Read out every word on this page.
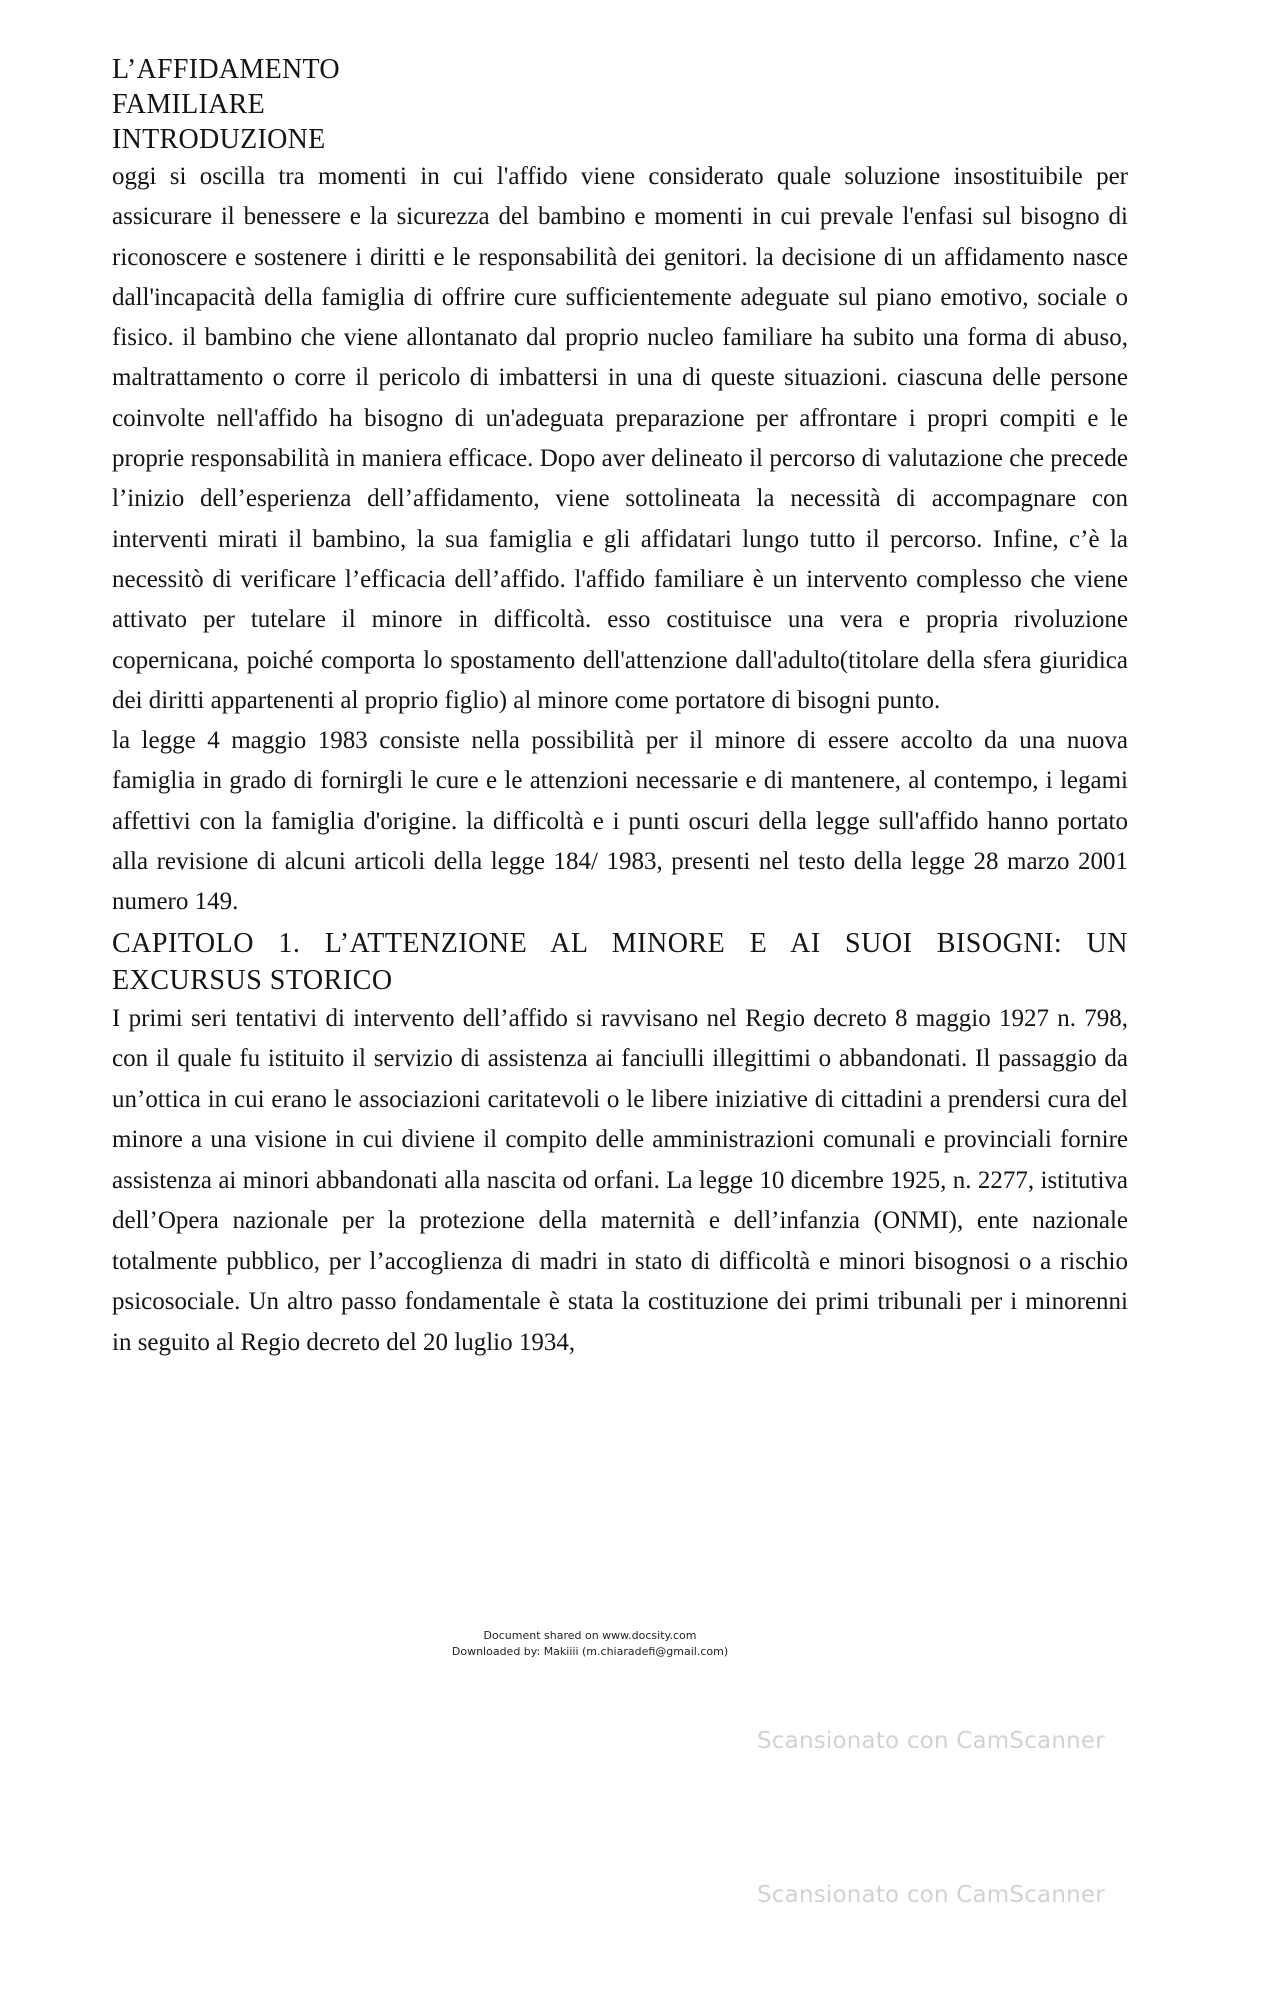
L’AFFIDAMENTO
FAMILIARE
INTRODUZIONE

oggi si oscilla tra momenti in cui l'affido viene considerato quale soluzione insostituibile per assicurare il benessere e la sicurezza del bambino e momenti in cui prevale l'enfasi sul bisogno di riconoscere e sostenere i diritti e le responsabilità dei genitori. la decisione di un affidamento nasce dall'incapacità della famiglia di offrire cure sufficientemente adeguate sul piano emotivo, sociale o fisico. il bambino che viene allontanato dal proprio nucleo familiare ha subito una forma di abuso, maltrattamento o corre il pericolo di imbattersi in una di queste situazioni. ciascuna delle persone coinvolte nell'affido ha bisogno di un'adeguata preparazione per affrontare i propri compiti e le proprie responsabilità in maniera efficace. Dopo aver delineato il percorso di valutazione che precede l’inizio dell’esperienza dell’affidamento, viene sottolineata la necessità di accompagnare con interventi mirati il bambino, la sua famiglia e gli affidatari lungo tutto il percorso. Infine, c’è la necessitò di verificare l’efficacia dell’affido. l'affido familiare è un intervento complesso che viene attivato per tutelare il minore in difficoltà. esso costituisce una vera e propria rivoluzione copernicana, poiché comporta lo spostamento dell'attenzione dall'adulto(titolare della sfera giuridica dei diritti appartenenti al proprio figlio) al minore come portatore di bisogni punto.

la legge 4 maggio 1983 consiste nella possibilità per il minore di essere accolto da una nuova famiglia in grado di fornirgli le cure e le attenzioni necessarie e di mantenere, al contempo, i legami affettivi con la famiglia d'origine. la difficoltà e i punti oscuri della legge sull'affido hanno portato alla revisione di alcuni articoli della legge 184/ 1983, presenti nel testo della legge 28 marzo 2001 numero 149.

CAPITOLO 1. L’ATTENZIONE AL MINORE E AI SUOI BISOGNI: UN EXCURSUS STORICO

I primi seri tentativi di intervento dell’affido si ravvisano nel Regio decreto 8 maggio 1927 n. 798, con il quale fu istituito il servizio di assistenza ai fanciulli illegittimi o abbandonati. Il passaggio da un’ottica in cui erano le associazioni caritatevoli o le libere iniziative di cittadini a prendersi cura del minore a una visione in cui diviene il compito delle amministrazioni comunali e provinciali fornire assistenza ai minori abbandonati alla nascita od orfani. La legge 10 dicembre 1925, n. 2277, istitutiva dell’Opera nazionale per la protezione della maternità e dell’infanzia (ONMI), ente nazionale totalmente pubblico, per l’accoglienza di madri in stato di difficoltà e minori bisognosi o a rischio psicosociale. Un altro passo fondamentale è stata la costituzione dei primi tribunali per i minorenni in seguito al Regio decreto del 20 luglio 1934,

Document shared on www.docsity.com
Downloaded by: Makiiii (m.chiaradefi@gmail.com)
Scansionato con CamScanner
Scansionato con CamScanner
